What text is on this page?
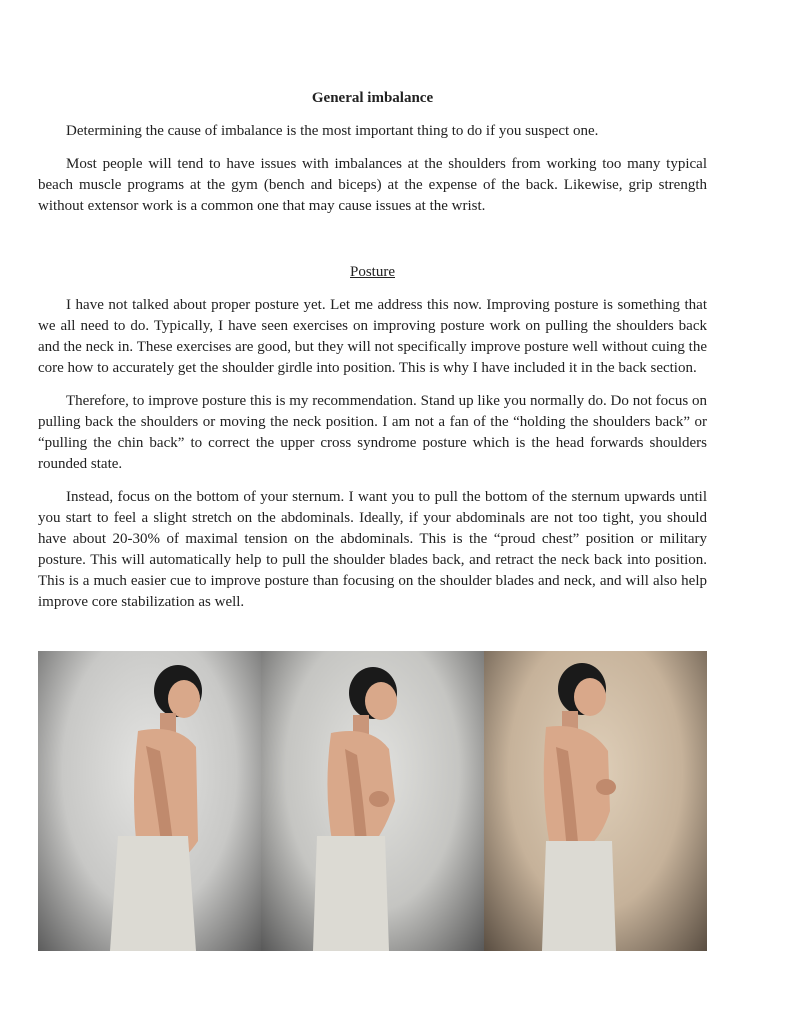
General imbalance

Determining the cause of imbalance is the most important thing to do if you suspect one.

Most people will tend to have issues with imbalances at the shoulders from working too many typical beach muscle programs at the gym (bench and biceps) at the expense of the back. Likewise, grip strength without extensor work is a common one that may cause issues at the wrist.

Posture

I have not talked about proper posture yet. Let me address this now. Improving posture is something that we all need to do. Typically, I have seen exercises on improving posture work on pulling the shoulders back and the neck in. These exercises are good, but they will not specifically improve posture well without cuing the core how to accurately get the shoulder girdle into position. This is why I have included it in the back section.

Therefore, to improve posture this is my recommendation. Stand up like you normally do. Do not focus on pulling back the shoulders or moving the neck position. I am not a fan of the “holding the shoulders back” or “pulling the chin back” to correct the upper cross syndrome posture which is the head forwards shoulders rounded state.

Instead, focus on the bottom of your sternum. I want you to pull the bottom of the sternum upwards until you start to feel a slight stretch on the abdominals. Ideally, if your abdominals are not too tight, you should have about 20-30% of maximal tension on the abdominals. This is the “proud chest” position or military posture. This will automatically help to pull the shoulder blades back, and retract the neck back into position. This is a much easier cue to improve posture than focusing on the shoulder blades and neck, and will also help improve core stabilization as well.
